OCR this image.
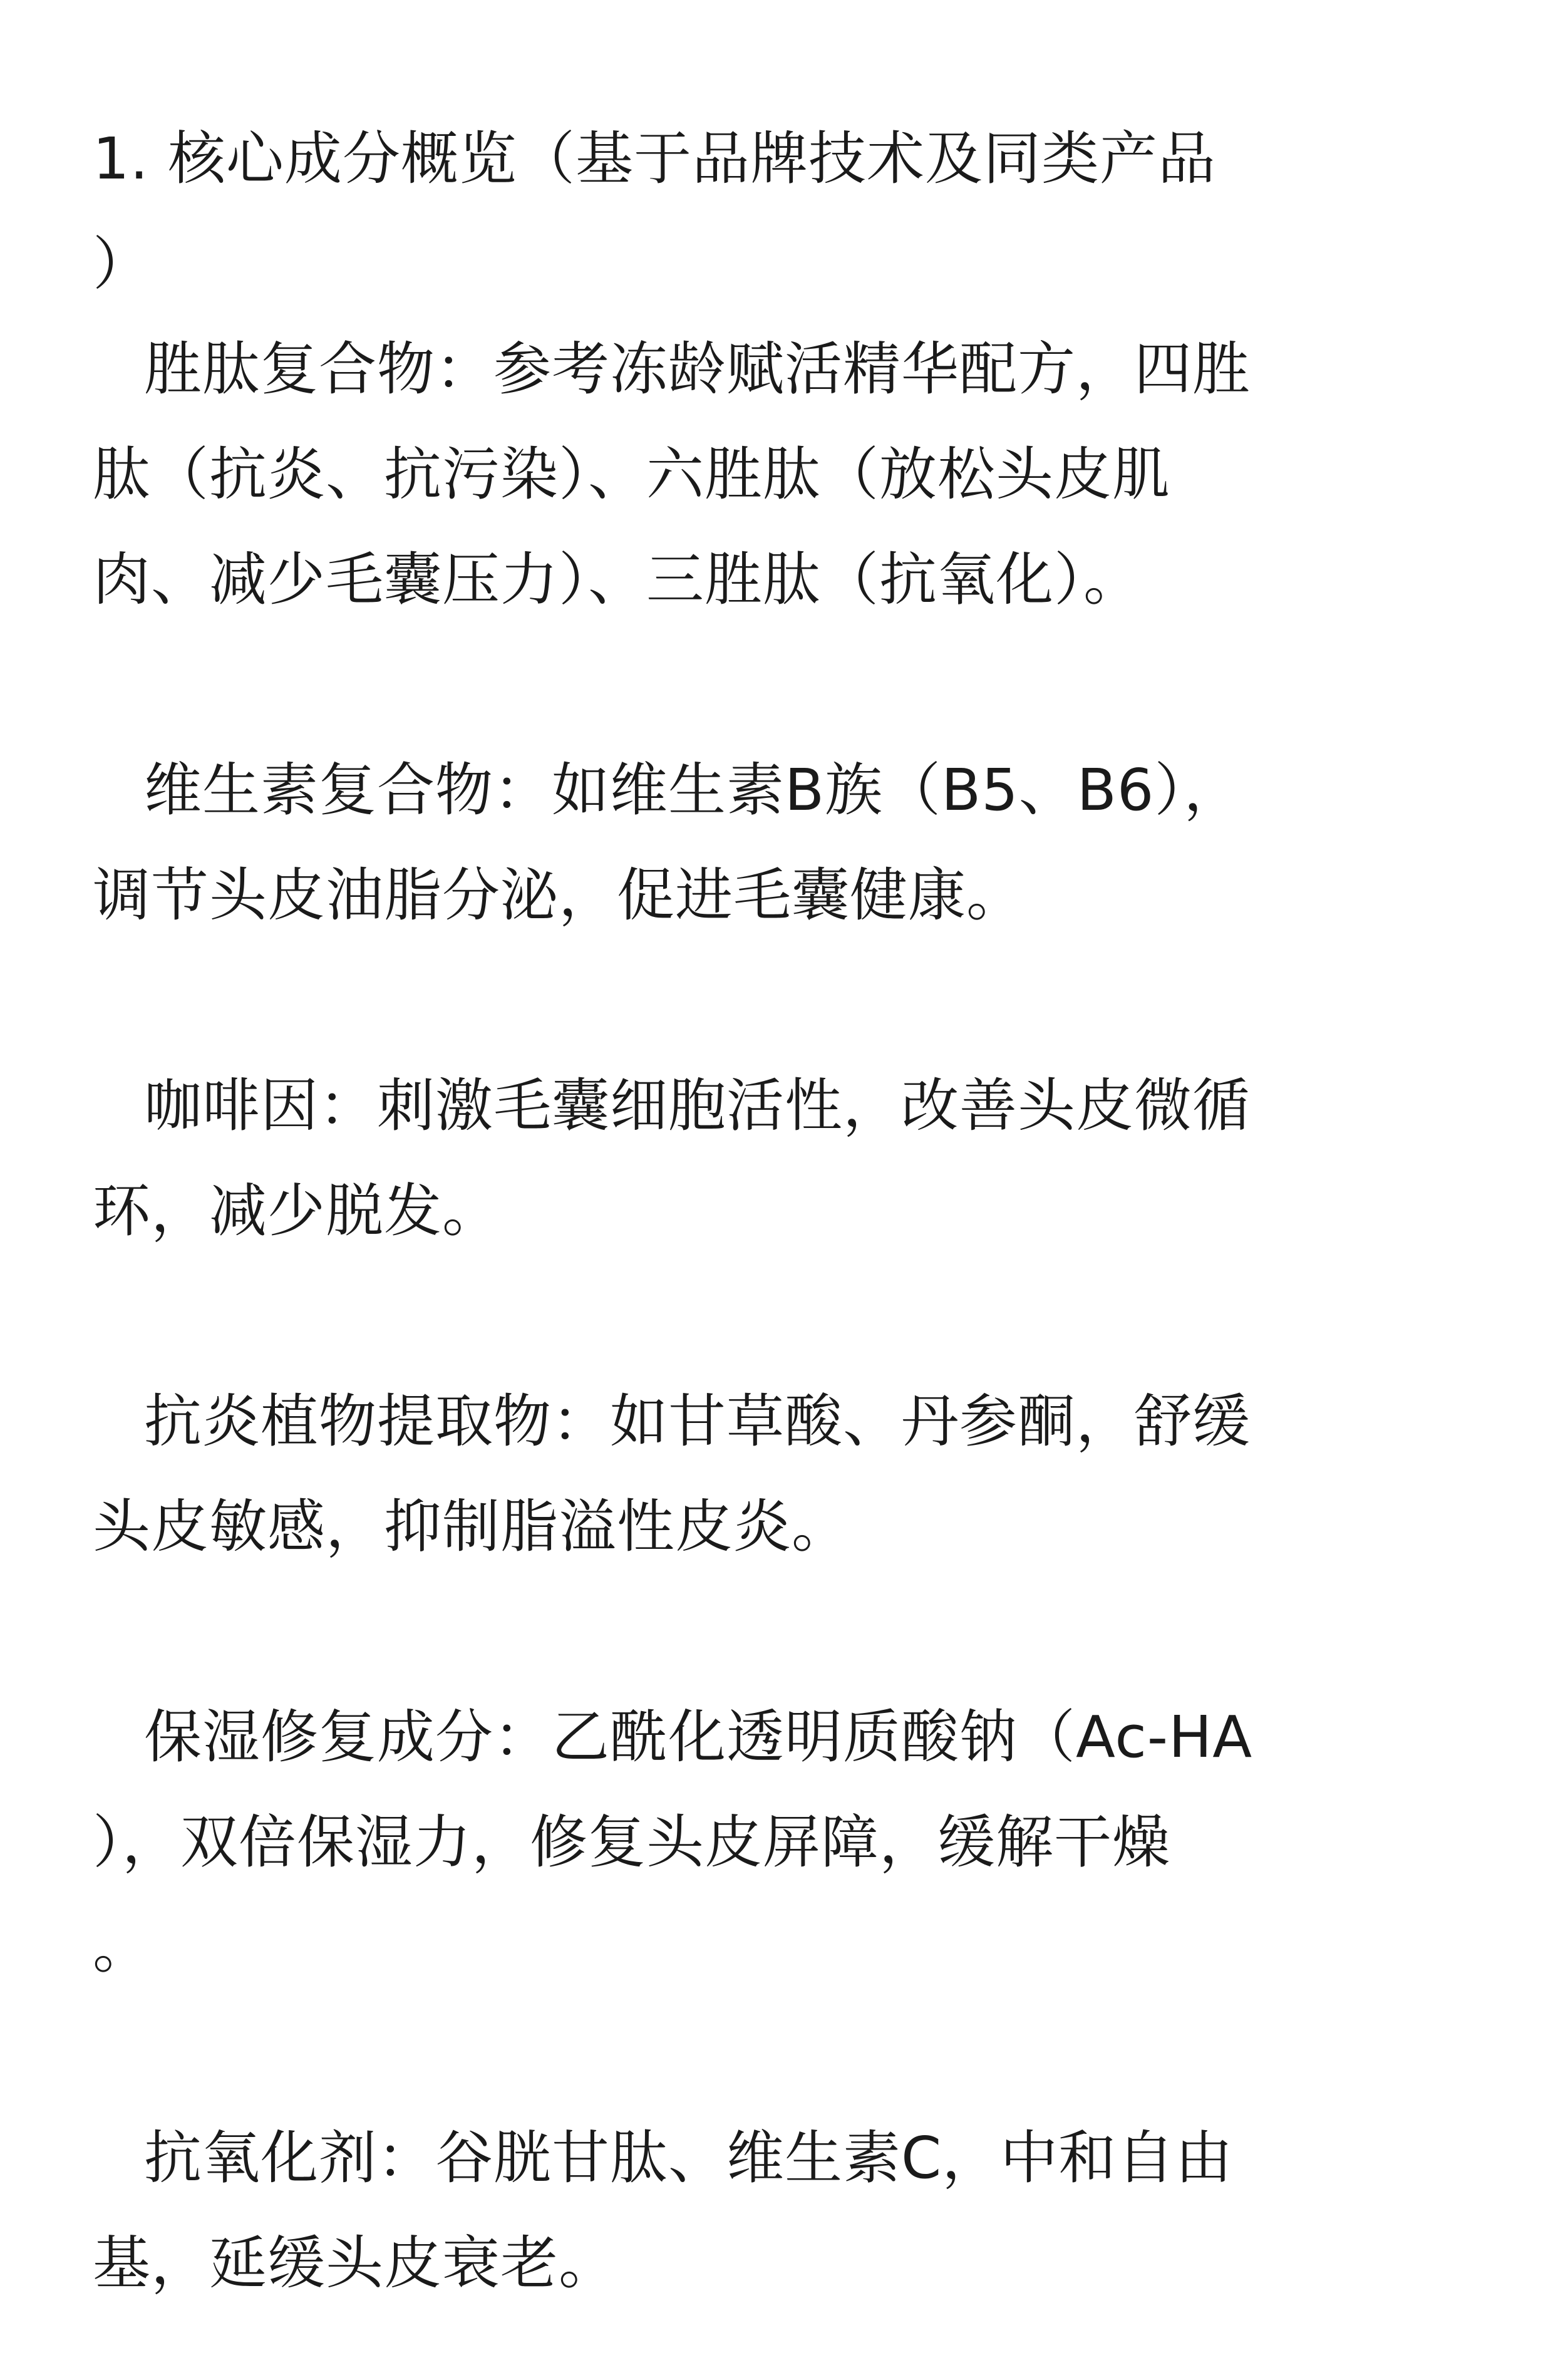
1. 核心成分概览（基于品牌技术及同类产品
）
胜肽复合物：参考冻龄赋活精华配方，四胜
肽（抗炎、抗污染）、六胜肽（放松头皮肌
肉、减少毛囊压力）、三胜肽（抗氧化）。
维生素复合物：如维生素B族（B5、B6），
调节头皮油脂分泌，促进毛囊健康。
咖啡因：刺激毛囊细胞活性，改善头皮微循
环，减少脱发。
抗炎植物提取物：如甘草酸、丹参酮，舒缓
头皮敏感，抑制脂溢性皮炎。
保湿修复成分：乙酰化透明质酸钠（Ac-HA
），双倍保湿力，修复头皮屏障，缓解干燥
。
抗氧化剂：谷胱甘肽、维生素C，中和自由
基，延缓头皮衰老。
